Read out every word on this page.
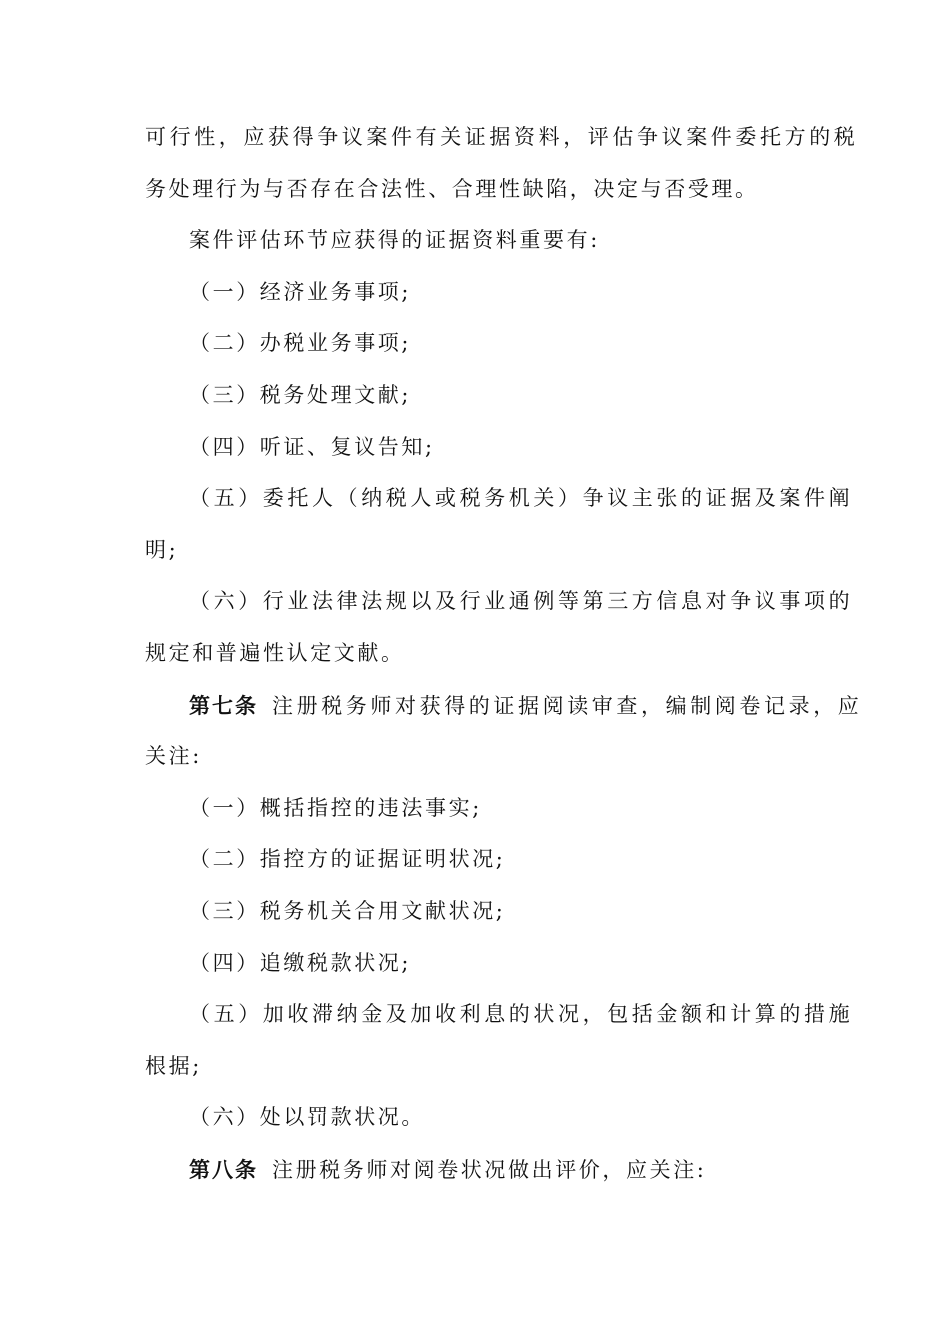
可行性，应获得争议案件有关证据资料，评估争议案件委托方的税
务处理行为与否存在合法性、合理性缺陷，决定与否受理。
案件评估环节应获得的证据资料重要有:
（一）经济业务事项;
（二）办税业务事项;
（三）税务处理文献;
（四）听证、复议告知;
（五）委托人（纳税人或税务机关）争议主张的证据及案件阐
明;
（六）行业法律法规以及行业通例等第三方信息对争议事项的
规定和普遍性认定文献。
第七条 注册税务师对获得的证据阅读审查，编制阅卷记录，应
关注:
（一）概括指控的违法事实;
（二）指控方的证据证明状况;
（三）税务机关合用文献状况;
（四）追缴税款状况;
（五）加收滞纳金及加收利息的状况，包括金额和计算的措施
根据;
（六）处以罚款状况。
第八条 注册税务师对阅卷状况做出评价，应关注:
